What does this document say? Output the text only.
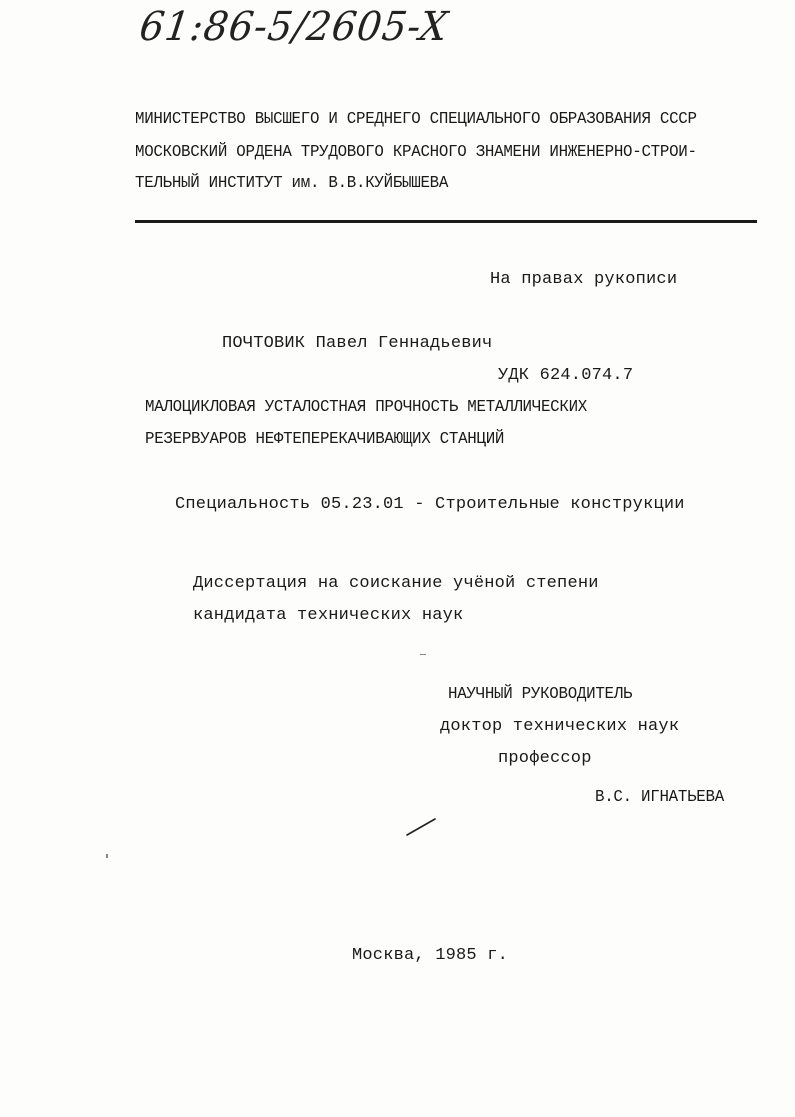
61:86-5/2605-X
МИНИСТЕРСТВО ВЫСШЕГО И СРЕДНЕГО СПЕЦИАЛЬНОГО ОБРАЗОВАНИЯ СССР
МОСКОВСКИЙ ОРДЕНА ТРУДОВОГО КРАСНОГО ЗНАМЕНИ ИНЖЕНЕРНО-СТРОИ-
ТЕЛЬНЫЙ ИНСТИТУТ им. В.В.КУЙБЫШЕВА
На правах рукописи
ПОЧТОВИК Павел Геннадьевич
УДК 624.074.7
МАЛОЦИКЛОВАЯ УСТАЛОСТНАЯ ПРОЧНОСТЬ МЕТАЛЛИЧЕСКИХ
РЕЗЕРВУАРОВ НЕФТЕПЕРЕКАЧИВАЮЩИХ СТАНЦИЙ
Специальность 05.23.01 - Строительные конструкции
Диссертация на соискание учёной степени
кандидата технических наук
НАУЧНЫЙ РУКОВОДИТЕЛЬ
доктор технических наук
профессор
В.С. ИГНАТЬЕВА
Москва, 1985 г.
